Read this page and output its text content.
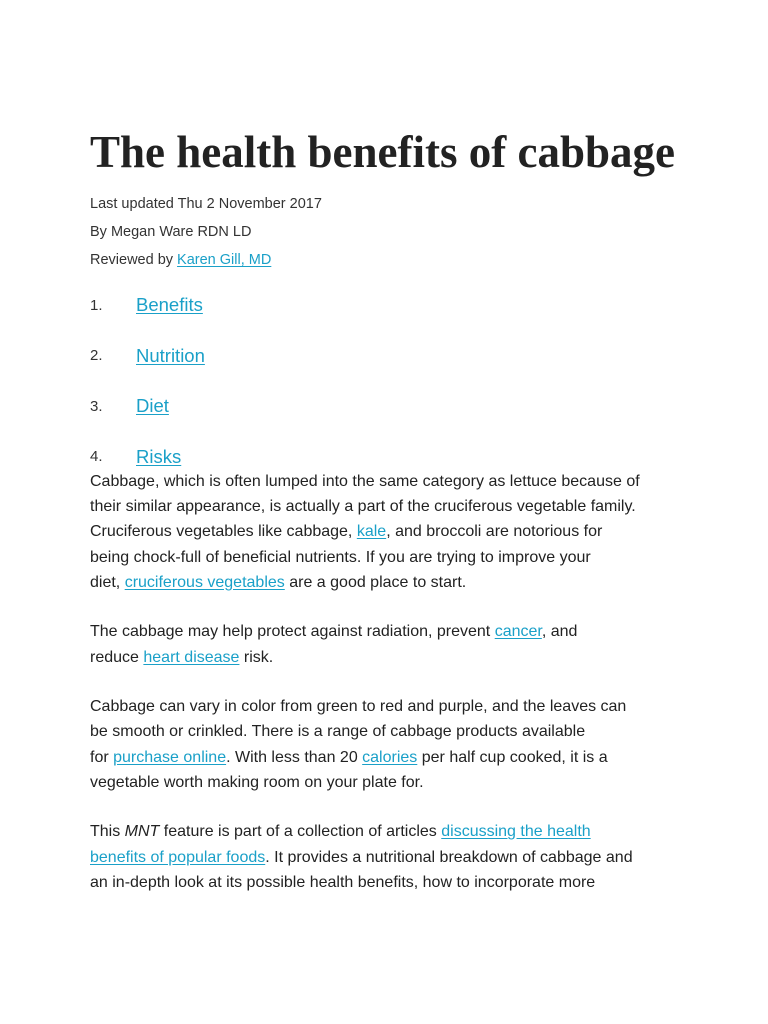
The health benefits of cabbage

Last updated Thu 2 November 2017

By Megan Ware RDN LD

Reviewed by Karen Gill, MD

1.	Benefits
2.	Nutrition
3.	Diet
4.	Risks

Cabbage, which is often lumped into the same category as lettuce because of
their similar appearance, is actually a part of the cruciferous vegetable family.
Cruciferous vegetables like cabbage, kale, and broccoli are notorious for
being chock-full of beneficial nutrients. If you are trying to improve your
diet, cruciferous vegetables are a good place to start.

The cabbage may help protect against radiation, prevent cancer, and
reduce heart disease risk.

Cabbage can vary in color from green to red and purple, and the leaves can
be smooth or crinkled. There is a range of cabbage products available
for purchase online. With less than 20 calories per half cup cooked, it is a
vegetable worth making room on your plate for.

This MNT feature is part of a collection of articles discussing the health
benefits of popular foods. It provides a nutritional breakdown of cabbage and
an in-depth look at its possible health benefits, how to incorporate more
